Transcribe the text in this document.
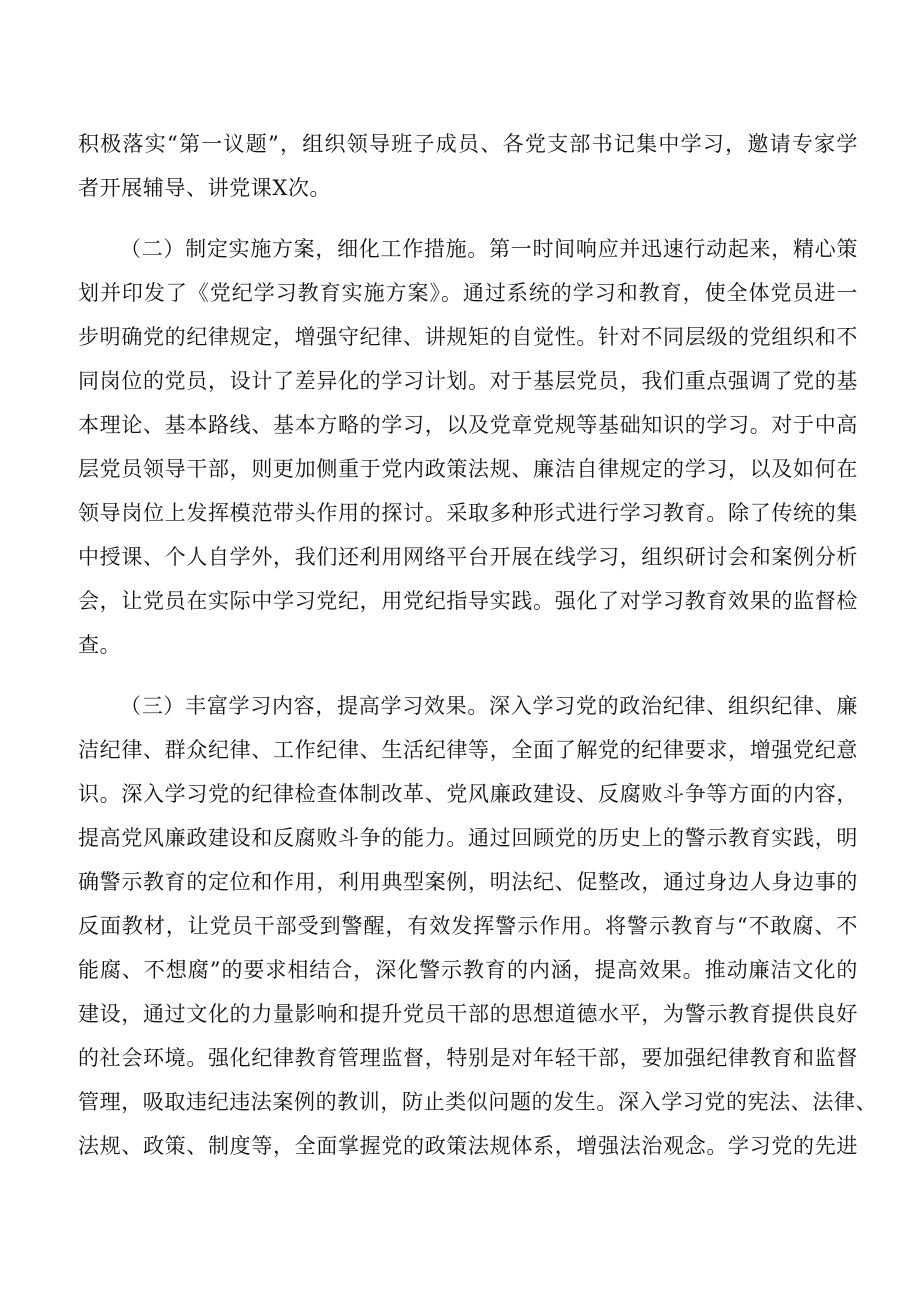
积极落实“第一议题”，组织领导班子成员、各党支部书记集中学习，邀请专家学
者开展辅导、讲党课X次。
（二）制定实施方案，细化工作措施。第一时间响应并迅速行动起来，精心策
划并印发了《党纪学习教育实施方案》。通过系统的学习和教育，使全体党员进一
步明确党的纪律规定，增强守纪律、讲规矩的自觉性。针对不同层级的党组织和不
同岗位的党员，设计了差异化的学习计划。对于基层党员，我们重点强调了党的基
本理论、基本路线、基本方略的学习，以及党章党规等基础知识的学习。对于中高
层党员领导干部，则更加侧重于党内政策法规、廉洁自律规定的学习，以及如何在
领导岗位上发挥模范带头作用的探讨。采取多种形式进行学习教育。除了传统的集
中授课、个人自学外，我们还利用网络平台开展在线学习，组织研讨会和案例分析
会，让党员在实际中学习党纪，用党纪指导实践。强化了对学习教育效果的监督检
查。
（三）丰富学习内容，提高学习效果。深入学习党的政治纪律、组织纪律、廉
洁纪律、群众纪律、工作纪律、生活纪律等，全面了解党的纪律要求，增强党纪意
识。深入学习党的纪律检查体制改革、党风廉政建设、反腐败斗争等方面的内容，
提高党风廉政建设和反腐败斗争的能力。通过回顾党的历史上的警示教育实践，明
确警示教育的定位和作用，利用典型案例，明法纪、促整改，通过身边人身边事的
反面教材，让党员干部受到警醒，有效发挥警示作用。将警示教育与“不敢腐、不
能腐、不想腐”的要求相结合，深化警示教育的内涵，提高效果。推动廉洁文化的
建设，通过文化的力量影响和提升党员干部的思想道德水平，为警示教育提供良好
的社会环境。强化纪律教育管理监督，特别是对年轻干部，要加强纪律教育和监督
管理，吸取违纪违法案例的教训，防止类似问题的发生。深入学习党的宪法、法律、
法规、政策、制度等，全面掌握党的政策法规体系，增强法治观念。学习党的先进
